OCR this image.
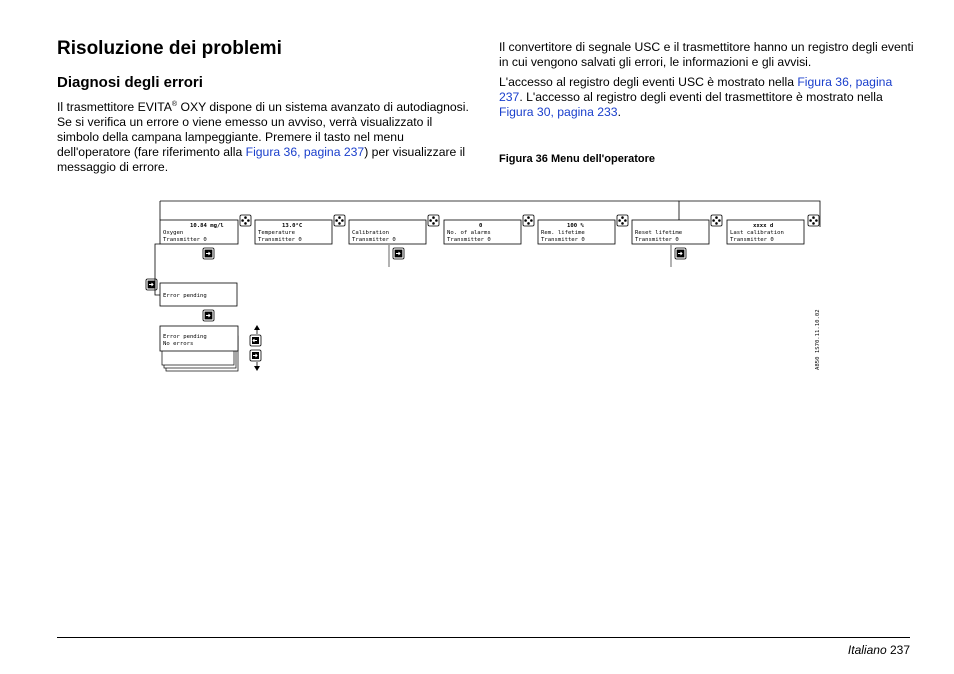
Risoluzione dei problemi
Diagnosi degli errori

Il trasmettitore EVITA® OXY dispone di un sistema avanzato di autodiagnosi. Se si verifica un errore o viene emesso un avviso, verrà visualizzato il simbolo della campana lampeggiante. Premere il tasto nel menu dell'operatore (fare riferimento alla Figura 36, pagina 237) per visualizzare il messaggio di errore.

Il convertitore di segnale USC e il trasmettitore hanno un registro degli eventi in cui vengono salvati gli errori, le informazioni e gli avvisi.

L'accesso al registro degli eventi USC è mostrato nella Figura 36, pagina 237. L'accesso al registro degli eventi del trasmettitore è mostrato nella Figura 30, pagina 233.

Figura 36 Menu dell'operatore

10.84 mg/l
Oxygen
Transmitter 0
13.0°C
Temperature
Transmitter 0
Calibration
Transmitter 0
0
No. of alarms
Transmitter 0
100 %
Rem. lifetime
Transmitter 0
Reset lifetime
Transmitter 0
xxxx d
Last calibration
Transmitter 0
Error pending
Error pending
No errors	A850 1S70.11.10.02
Italiano 237
